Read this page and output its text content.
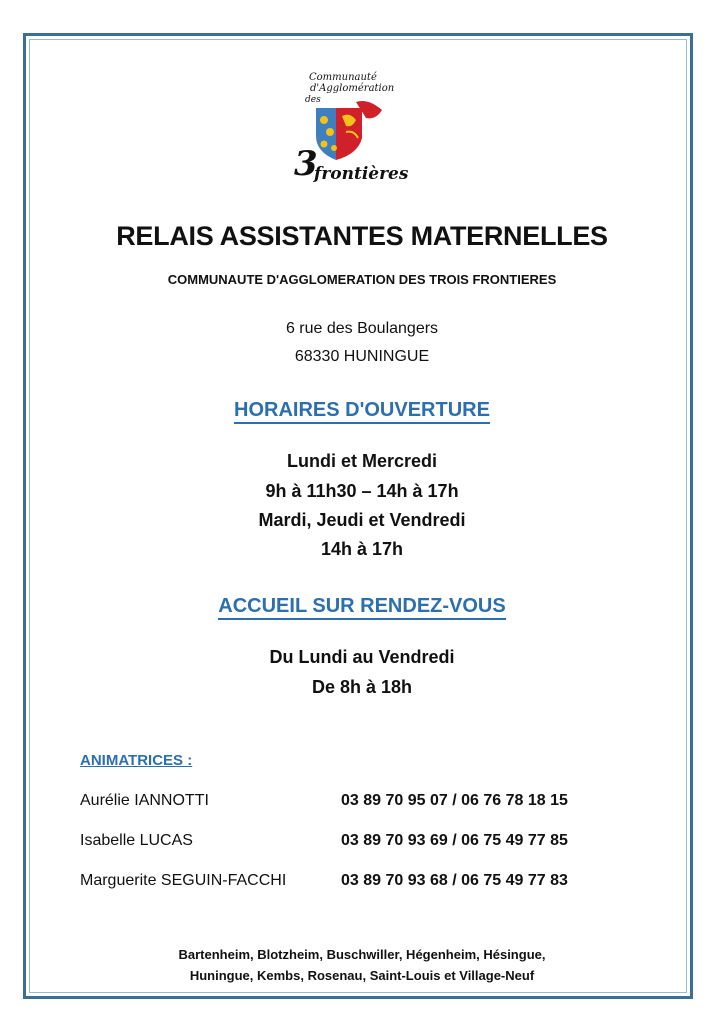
Communauté
d'Agglomération
des
3
frontières
RELAIS ASSISTANTES MATERNELLES
COMMUNAUTE D'AGGLOMERATION DES TROIS FRONTIERES
6 rue des Boulangers
68330 HUNINGUE
HORAIRES D'OUVERTURE
Lundi et Mercredi
9h à 11h30 – 14h à 17h
Mardi, Jeudi et Vendredi
14h à 17h
ACCUEIL SUR RENDEZ-VOUS
Du Lundi au Vendredi
De 8h à 18h
ANIMATRICES :
Aurélie IANNOTTI	03 89 70 95 07 / 06 76 78 18 15
Isabelle LUCAS	03 89 70 93 69 / 06 75 49 77 85
Marguerite SEGUIN-FACCHI	03 89 70 93 68 / 06 75 49 77 83
Bartenheim, Blotzheim, Buschwiller, Hégenheim, Hésingue,
Huningue, Kembs, Rosenau, Saint-Louis et Village-Neuf
